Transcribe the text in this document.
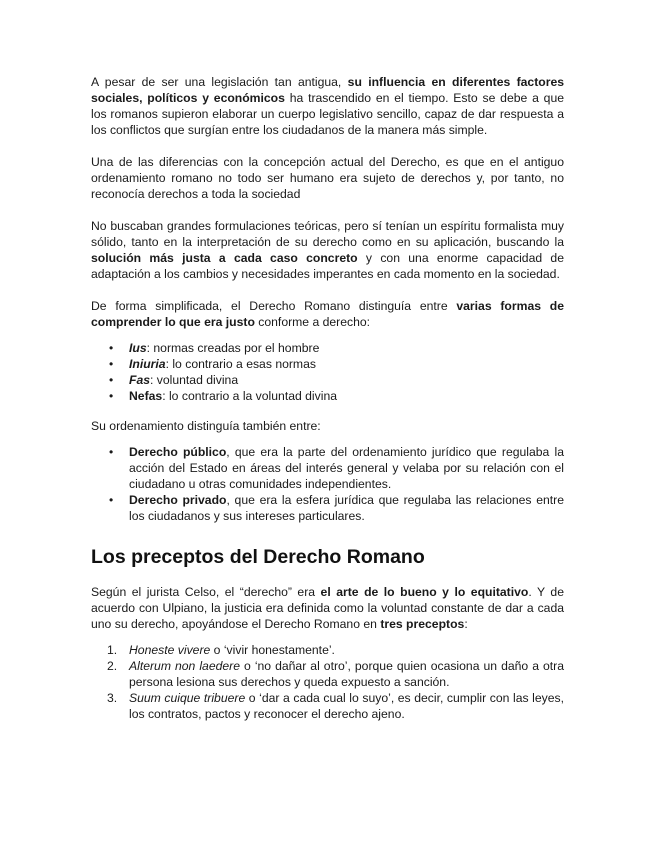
A pesar de ser una legislación tan antigua, su influencia en diferentes factores sociales, políticos y económicos ha trascendido en el tiempo. Esto se debe a que los romanos supieron elaborar un cuerpo legislativo sencillo, capaz de dar respuesta a los conflictos que surgían entre los ciudadanos de la manera más simple.

Una de las diferencias con la concepción actual del Derecho, es que en el antiguo ordenamiento romano no todo ser humano era sujeto de derechos y, por tanto, no reconocía derechos a toda la sociedad

No buscaban grandes formulaciones teóricas, pero sí tenían un espíritu formalista muy sólido, tanto en la interpretación de su derecho como en su aplicación, buscando la solución más justa a cada caso concreto y con una enorme capacidad de adaptación a los cambios y necesidades imperantes en cada momento en la sociedad.

De forma simplificada, el Derecho Romano distinguía entre varias formas de comprender lo que era justo conforme a derecho:

• Ius: normas creadas por el hombre
• Iniuria: lo contrario a esas normas
• Fas: voluntad divina
• Nefas: lo contrario a la voluntad divina

Su ordenamiento distinguía también entre:

• Derecho público, que era la parte del ordenamiento jurídico que regulaba la acción del Estado en áreas del interés general y velaba por su relación con el ciudadano u otras comunidades independientes.
• Derecho privado, que era la esfera jurídica que regulaba las relaciones entre los ciudadanos y sus intereses particulares.
Los preceptos del Derecho Romano

Según el jurista Celso, el “derecho” era el arte de lo bueno y lo equitativo. Y de acuerdo con Ulpiano, la justicia era definida como la voluntad constante de dar a cada uno su derecho, apoyándose el Derecho Romano en tres preceptos:

1. Honeste vivere o ‘vivir honestamente’.
2. Alterum non laedere o ‘no dañar al otro’, porque quien ocasiona un daño a otra persona lesiona sus derechos y queda expuesto a sanción.
3. Suum cuique tribuere o ‘dar a cada cual lo suyo’, es decir, cumplir con las leyes, los contratos, pactos y reconocer el derecho ajeno.
